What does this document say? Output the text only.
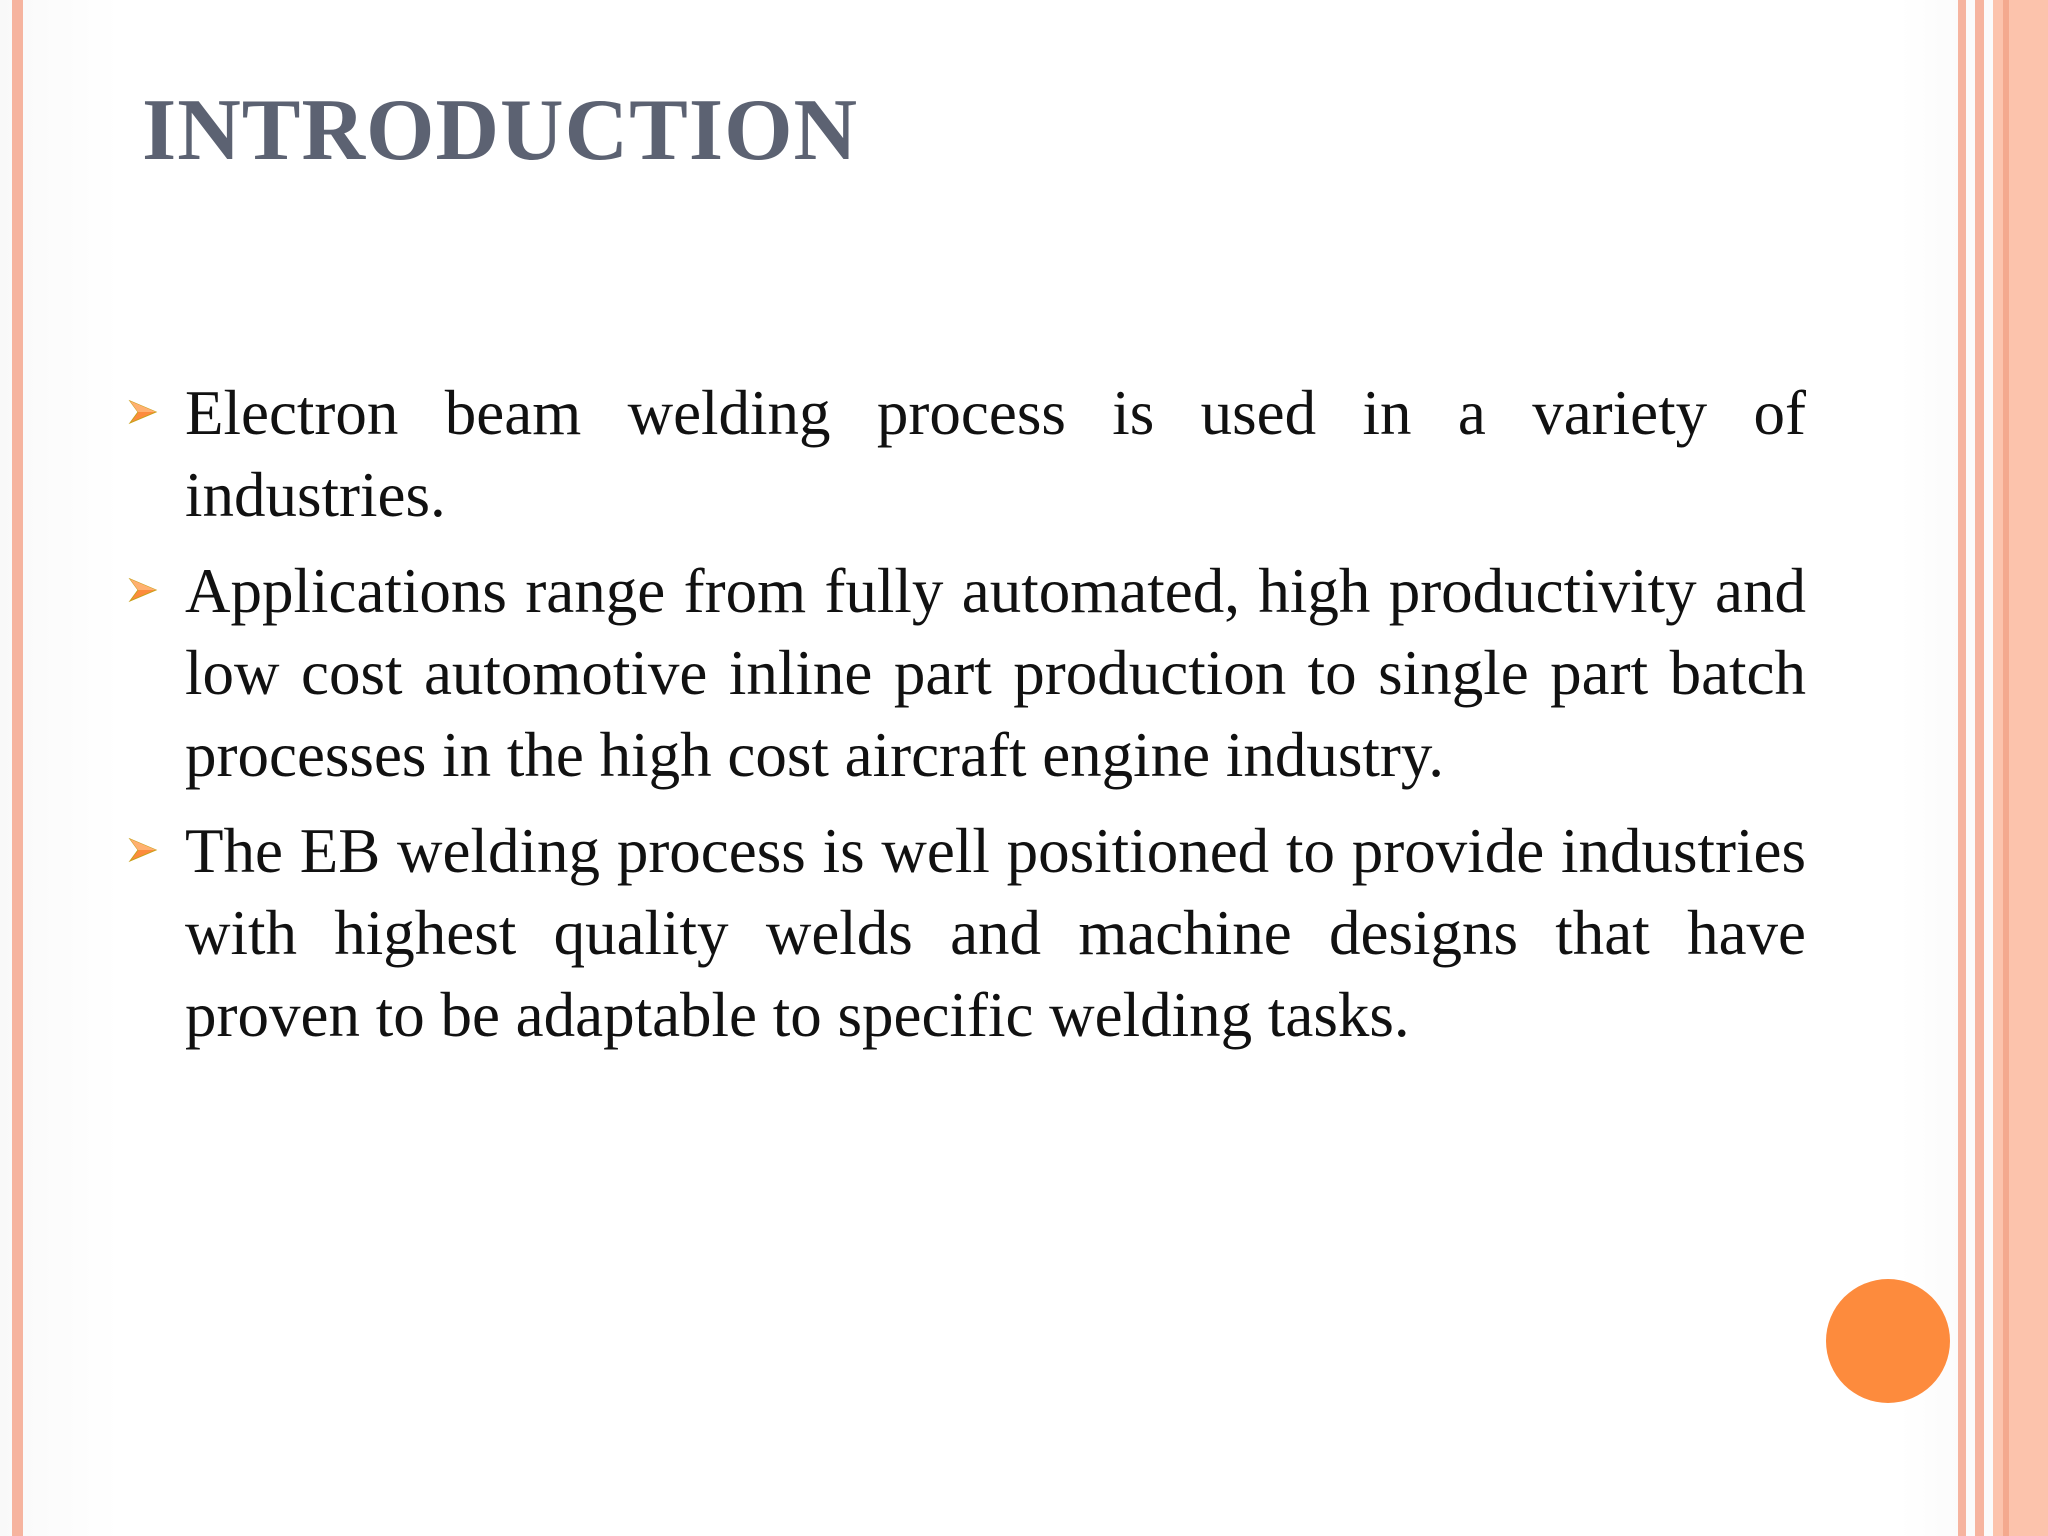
INTRODUCTION
Electron beam welding process is used in a variety of industries.
Applications range from fully automated, high productivity and low cost automotive inline part production to single part batch processes in the high cost aircraft engine industry.
The EB welding process is well positioned to provide industries with highest quality welds and machine designs that have proven to be adaptable to specific welding tasks.
